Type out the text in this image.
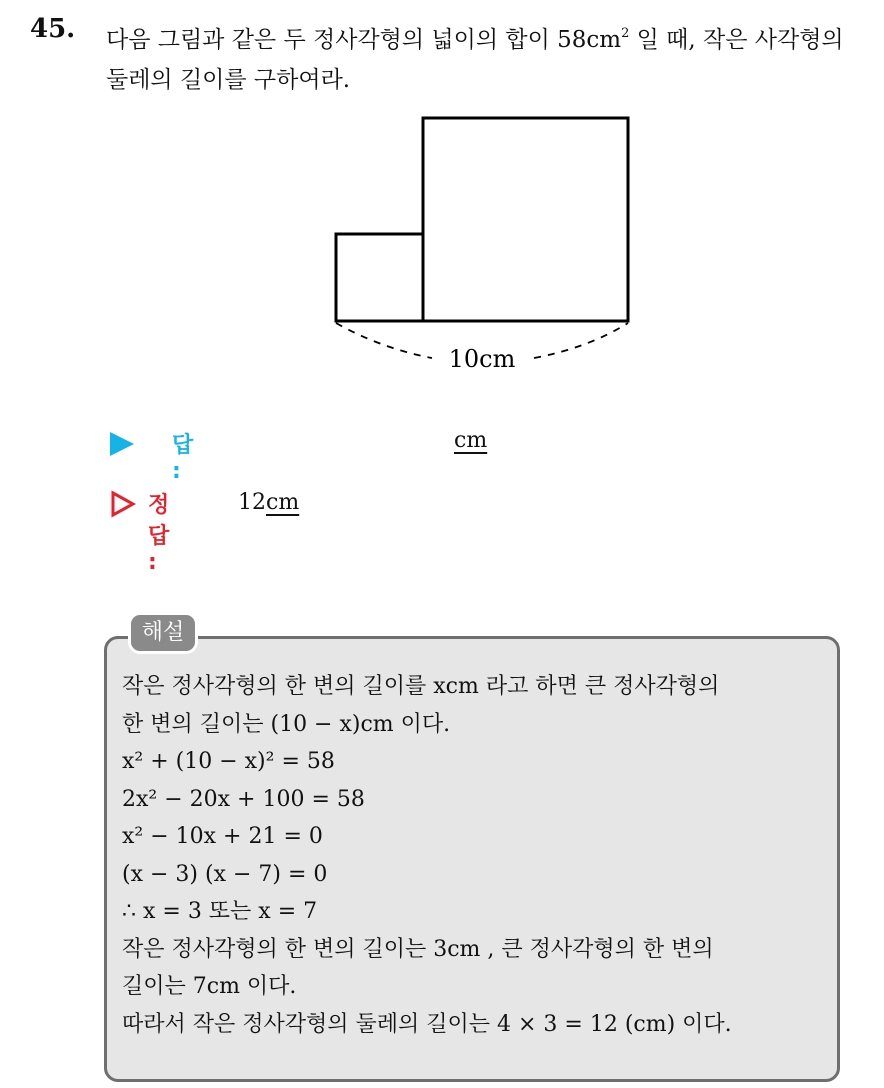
45. 다음 그림과 같은 두 정사각형의 넓이의 합이 $58cm^2$ 일 때, 작은 사각형의 둘레의 길이를 구하여라.
10cm
답 :
cm
정답 :
12cm
해설
작은 정사각형의 한 변의 길이를 xcm 라고 하면 큰 정사각형의
한 변의 길이는 (10 − x)cm 이다.
x² + (10 − x)² = 58
2x² − 20x + 100 = 58
x² − 10x + 21 = 0
(x − 3) (x − 7) = 0
∴ x = 3 또는 x = 7
작은 정사각형의 한 변의 길이는 3cm , 큰 정사각형의 한 변의
길이는 7cm 이다.
따라서 작은 정사각형의 둘레의 길이는 4 × 3 = 12 (cm) 이다.
